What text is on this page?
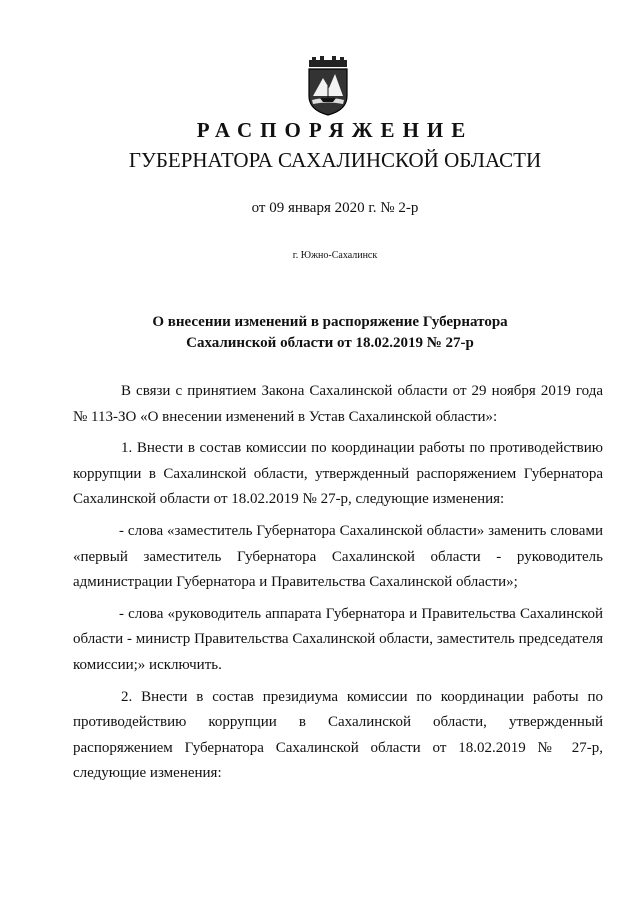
РАСПОРЯЖЕНИЕ
ГУБЕРНАТОРА САХАЛИНСКОЙ ОБЛАСТИ
от 09 января 2020 г. № 2-р
г. Южно-Сахалинск
О внесении изменений в распоряжение Губернатора
Сахалинской области от 18.02.2019 № 27-р

В связи с принятием Закона Сахалинской области от 29 ноября 2019 года № 113-ЗО «О внесении изменений в Устав Сахалинской области»:

1. Внести в состав комиссии по координации работы по противодействию коррупции в Сахалинской области, утвержденный распоряжением Губернатора Сахалинской области от 18.02.2019 № 27-р, следующие изменения:

- слова «заместитель Губернатора Сахалинской области» заменить словами «первый заместитель Губернатора Сахалинской области - руководитель администрации Губернатора и Правительства Сахалинской области»;

- слова «руководитель аппарата Губернатора и Правительства Сахалинской области - министр Правительства Сахалинской области, заместитель председателя комиссии;» исключить.

2. Внести в состав президиума комиссии по координации работы по противодействию коррупции в Сахалинской области, утвержденный распоряжением Губернатора Сахалинской области от 18.02.2019 № 27-р, следующие изменения:
